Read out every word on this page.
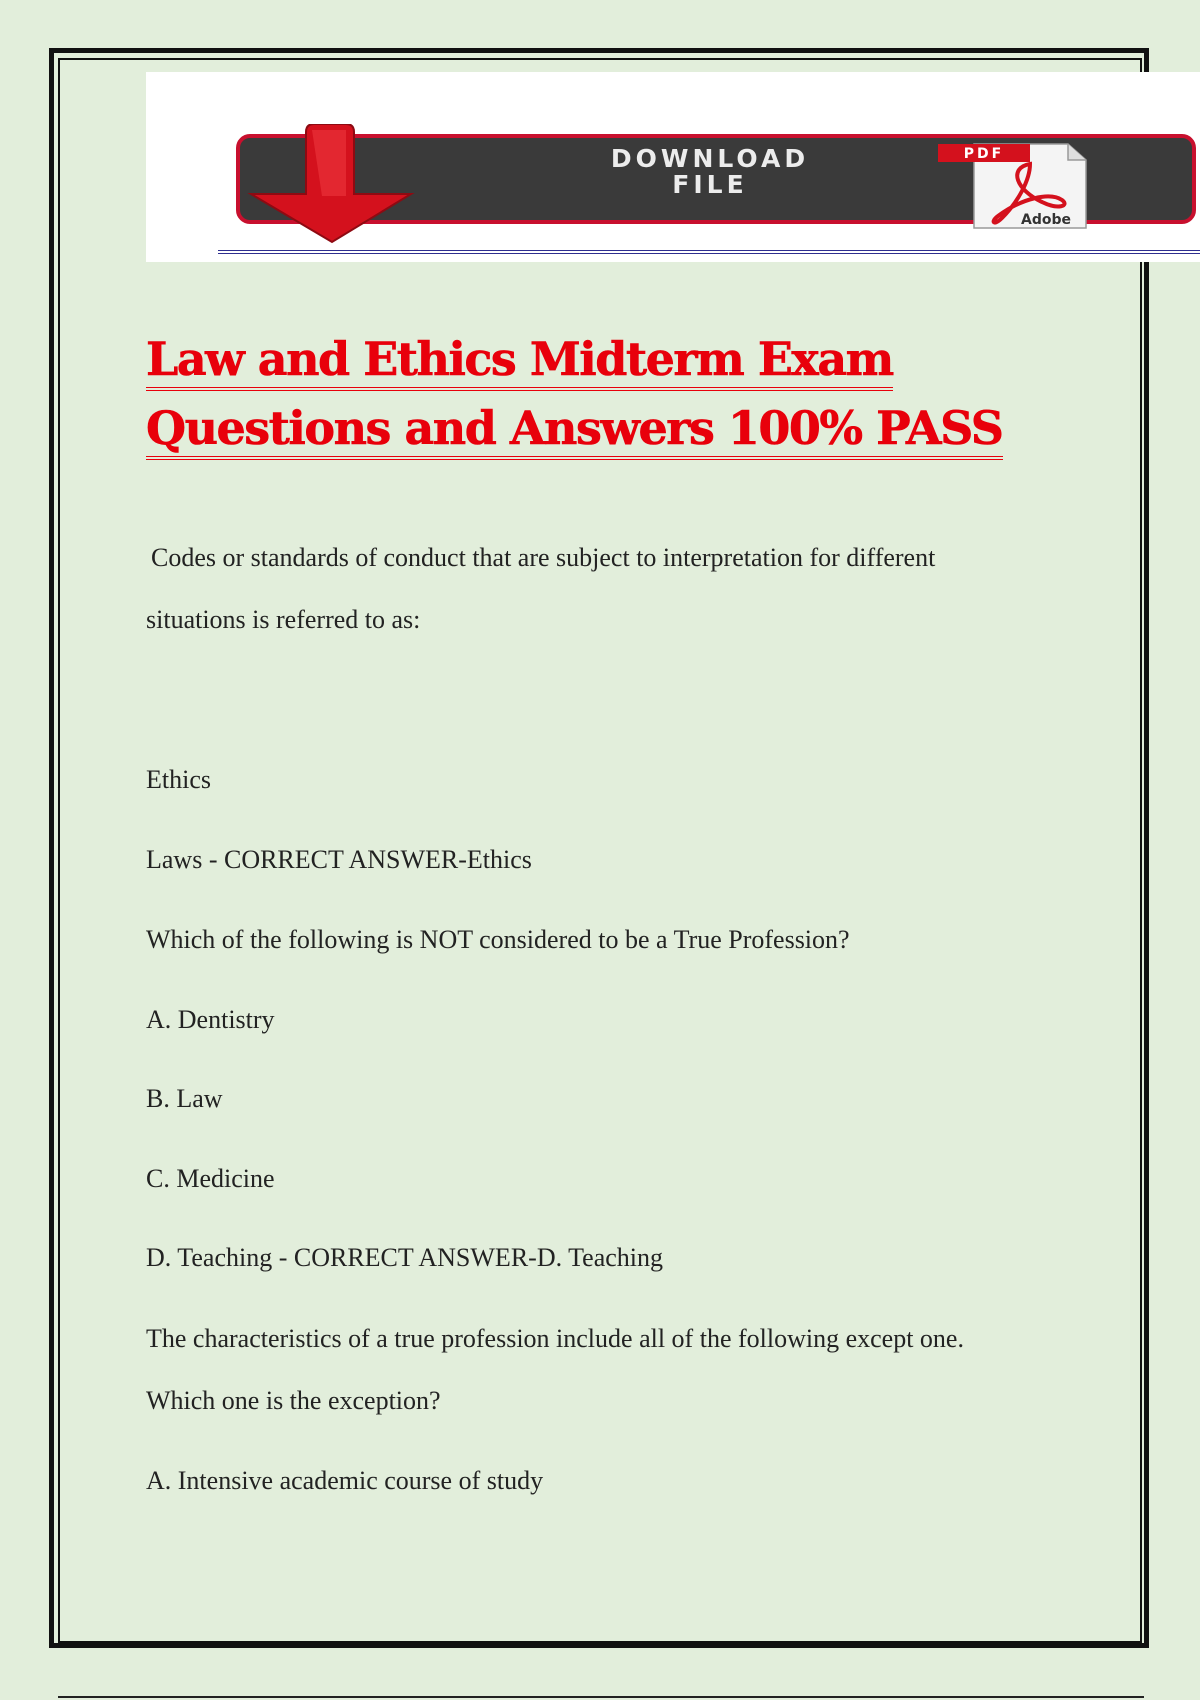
DOWNLOAD
FILE
PDF
Adobe
Law and Ethics Midterm Exam
Questions and Answers 100% PASS

Codes or standards of conduct that are subject to interpretation for different

situations is referred to as:

Ethics

Laws - CORRECT ANSWER-Ethics

Which of the following is NOT considered to be a True Profession?

A. Dentistry

B. Law

C. Medicine

D. Teaching - CORRECT ANSWER-D. Teaching

The characteristics of a true profession include all of the following except one.

Which one is the exception?

A. Intensive academic course of study
